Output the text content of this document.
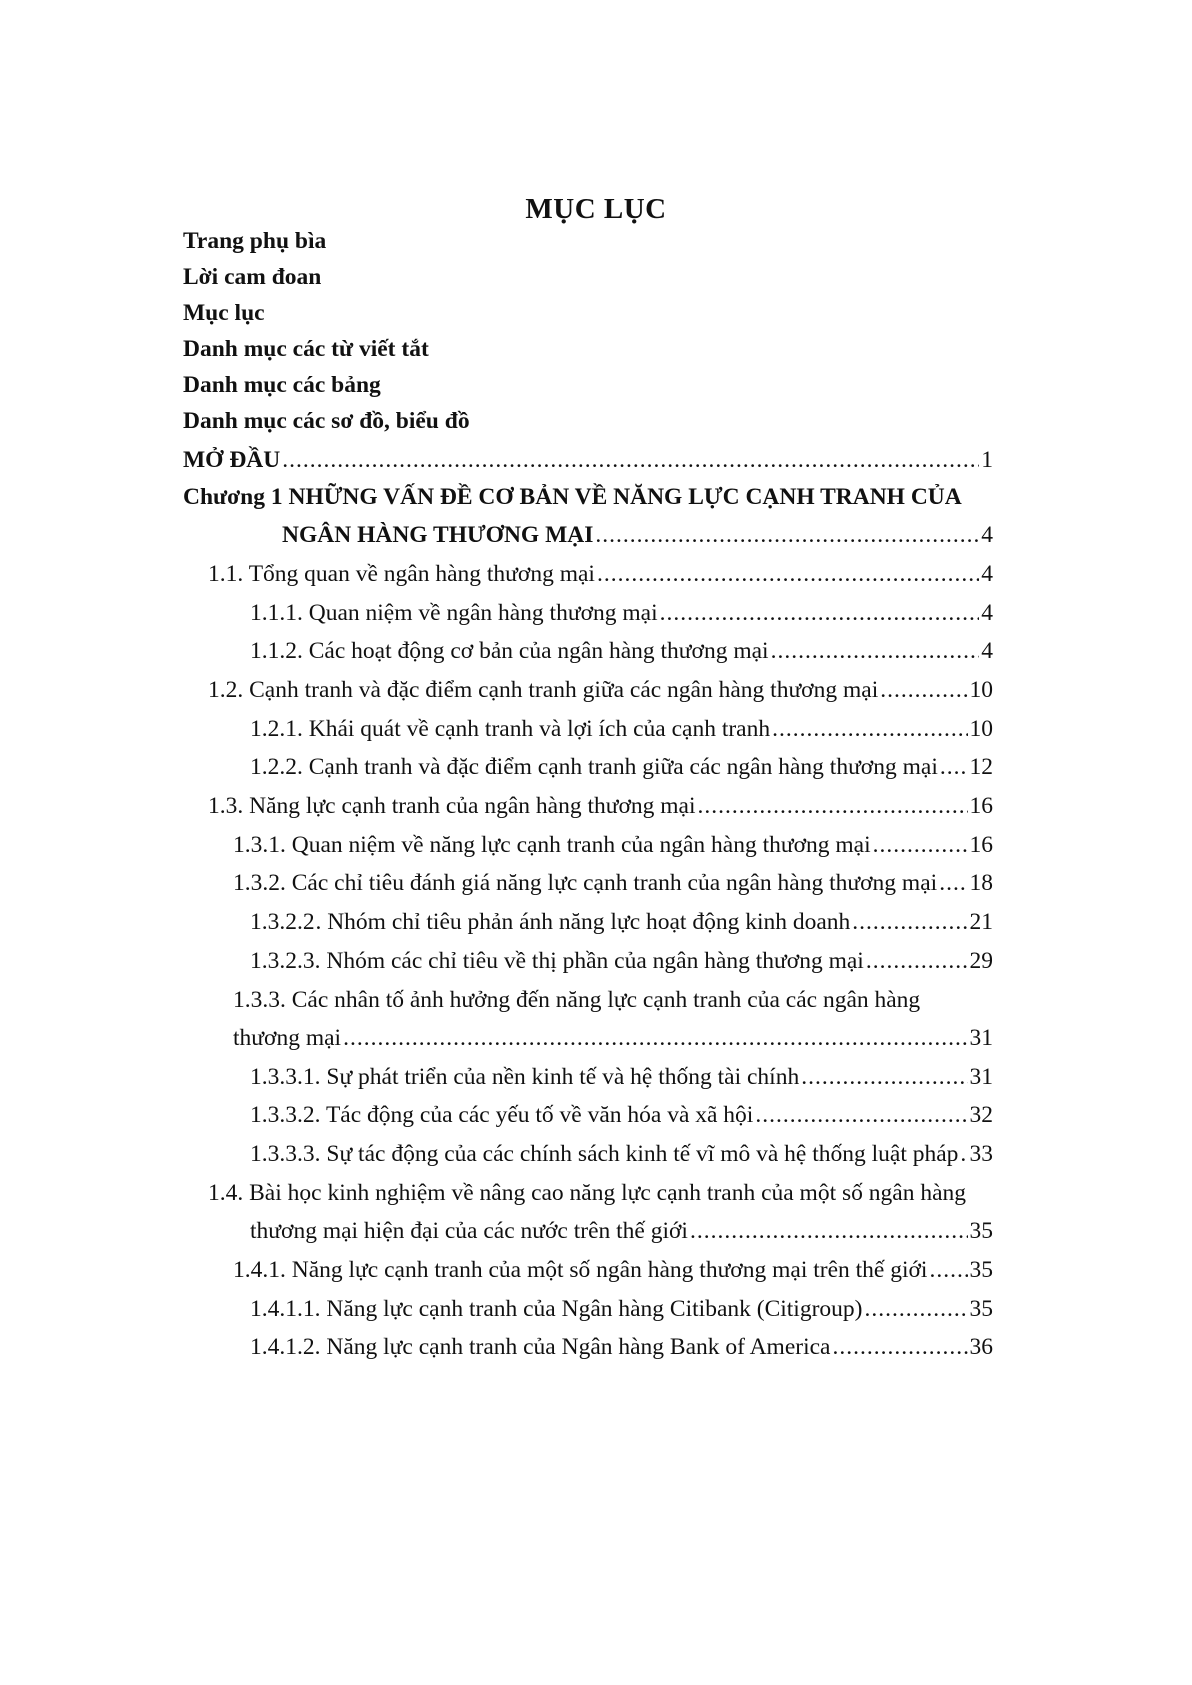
MỤC LỤC
Trang phụ bìa
Lời cam đoan
Mục lục
Danh mục các từ viết tắt
Danh mục các bảng
Danh mục các sơ đồ, biểu đồ
MỞ ĐẦU .....	1
Chương 1 NHỮNG VẤN ĐỀ CƠ BẢN VỀ NĂNG LỰC CẠNH TRANH CỦA
NGÂN HÀNG THƯƠNG MẠI .....	4
1.1. Tổng quan về ngân hàng thương mại .....	4
1.1.1. Quan niệm về ngân hàng thương mại .....	4
1.1.2. Các hoạt động cơ bản của ngân hàng thương mại .....	4
1.2. Cạnh tranh và đặc điểm cạnh tranh giữa các ngân hàng thương mại .....	10
1.2.1. Khái quát về cạnh tranh và lợi ích của cạnh tranh .....	10
1.2.2. Cạnh tranh và đặc điểm cạnh tranh giữa các ngân hàng thương mại ..... 12
1.3. Năng lực cạnh tranh của ngân hàng thương mại .....	16
1.3.1. Quan niệm về năng lực cạnh tranh của ngân hàng thương mại .....	16
1.3.2. Các chỉ tiêu đánh giá năng lực cạnh tranh của ngân hàng thương mại ..... 18
1.3.2.2 . Nhóm chỉ tiêu phản ánh năng lực hoạt động kinh doanh .....	21
1.3.2.3. Nhóm các chỉ tiêu về thị phần của ngân hàng thương mại .....	29
1.3.3. Các nhân tố ảnh hưởng đến năng lực cạnh tranh của các ngân hàng
thương mại .....	31
1.3.3.1. Sự phát triển của nền kinh tế và hệ thống tài chính .....	31
1.3.3.2. Tác động của các yếu tố về văn hóa và xã hội .....	32
1.3.3.3. Sự tác động của các chính sách kinh tế vĩ mô và hệ thống luật pháp ..... 33
1.4. Bài học kinh nghiệm về nâng cao năng lực cạnh tranh của một số ngân hàng
thương mại hiện đại của các nước trên thế giới .....	35
1.4.1. Năng lực cạnh tranh của một số ngân hàng thương mại trên thế giới ..... 35
1.4.1.1. Năng lực cạnh tranh của Ngân hàng Citibank (Citigroup) .....	35
1.4.1.2. Năng lực cạnh tranh của Ngân hàng Bank of America .....	36
